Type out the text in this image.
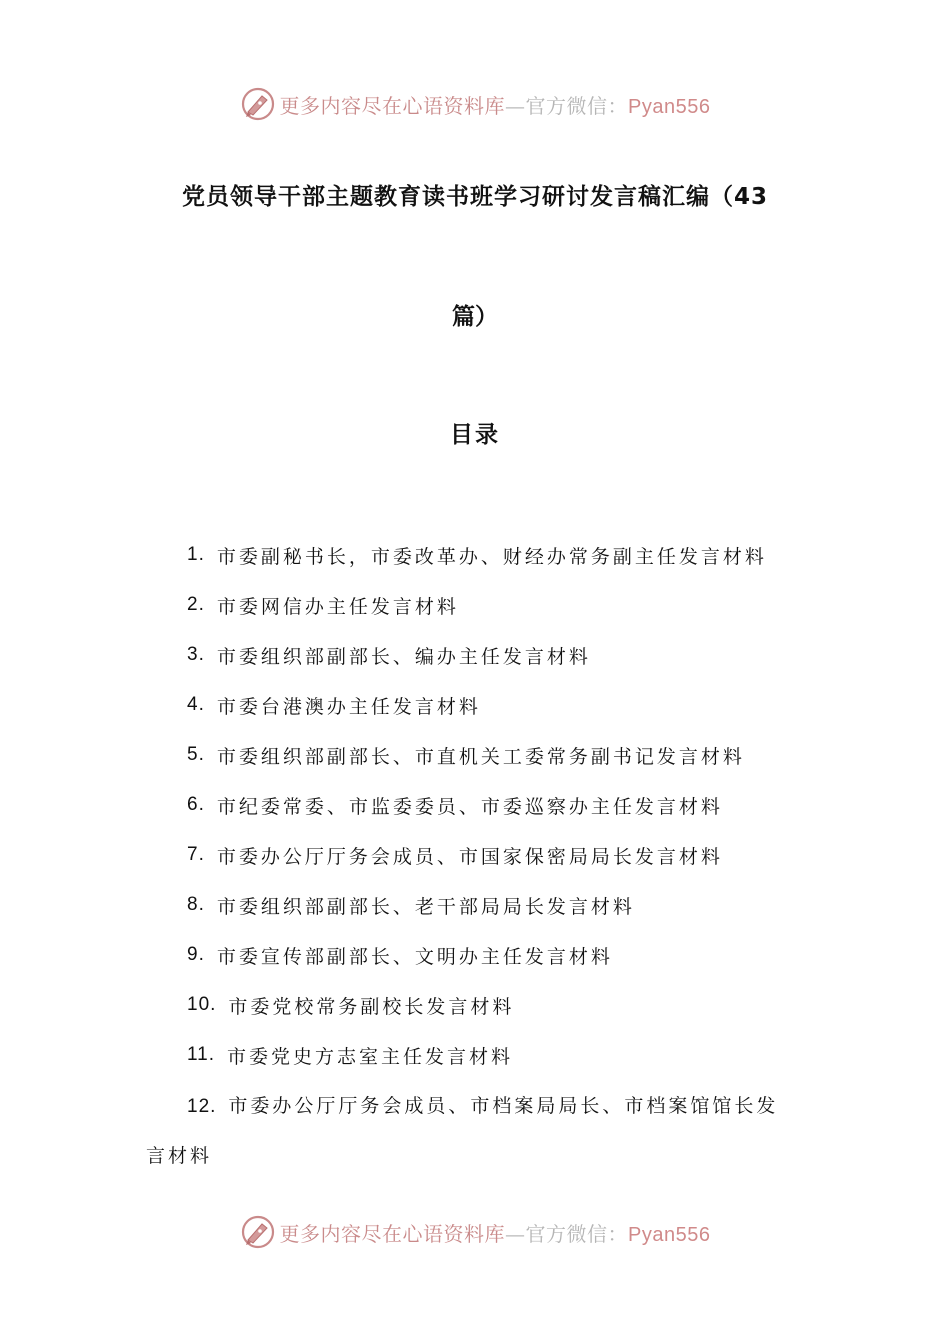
更多内容尽在心语资料库—官方微信：Pyan556
党员领导干部主题教育读书班学习研讨发言稿汇编（43
篇）
目录
1. 市委副秘书长，市委改革办、财经办常务副主任发言材料
2. 市委网信办主任发言材料
3. 市委组织部副部长、编办主任发言材料
4. 市委台港澳办主任发言材料
5. 市委组织部副部长、市直机关工委常务副书记发言材料
6. 市纪委常委、市监委委员、市委巡察办主任发言材料
7. 市委办公厅厅务会成员、市国家保密局局长发言材料
8. 市委组织部副部长、老干部局局长发言材料
9. 市委宣传部副部长、文明办主任发言材料
10. 市委党校常务副校长发言材料
11. 市委党史方志室主任发言材料
12. 市委办公厅厅务会成员、市档案局局长、市档案馆馆长发
言材料
更多内容尽在心语资料库—官方微信：Pyan556
